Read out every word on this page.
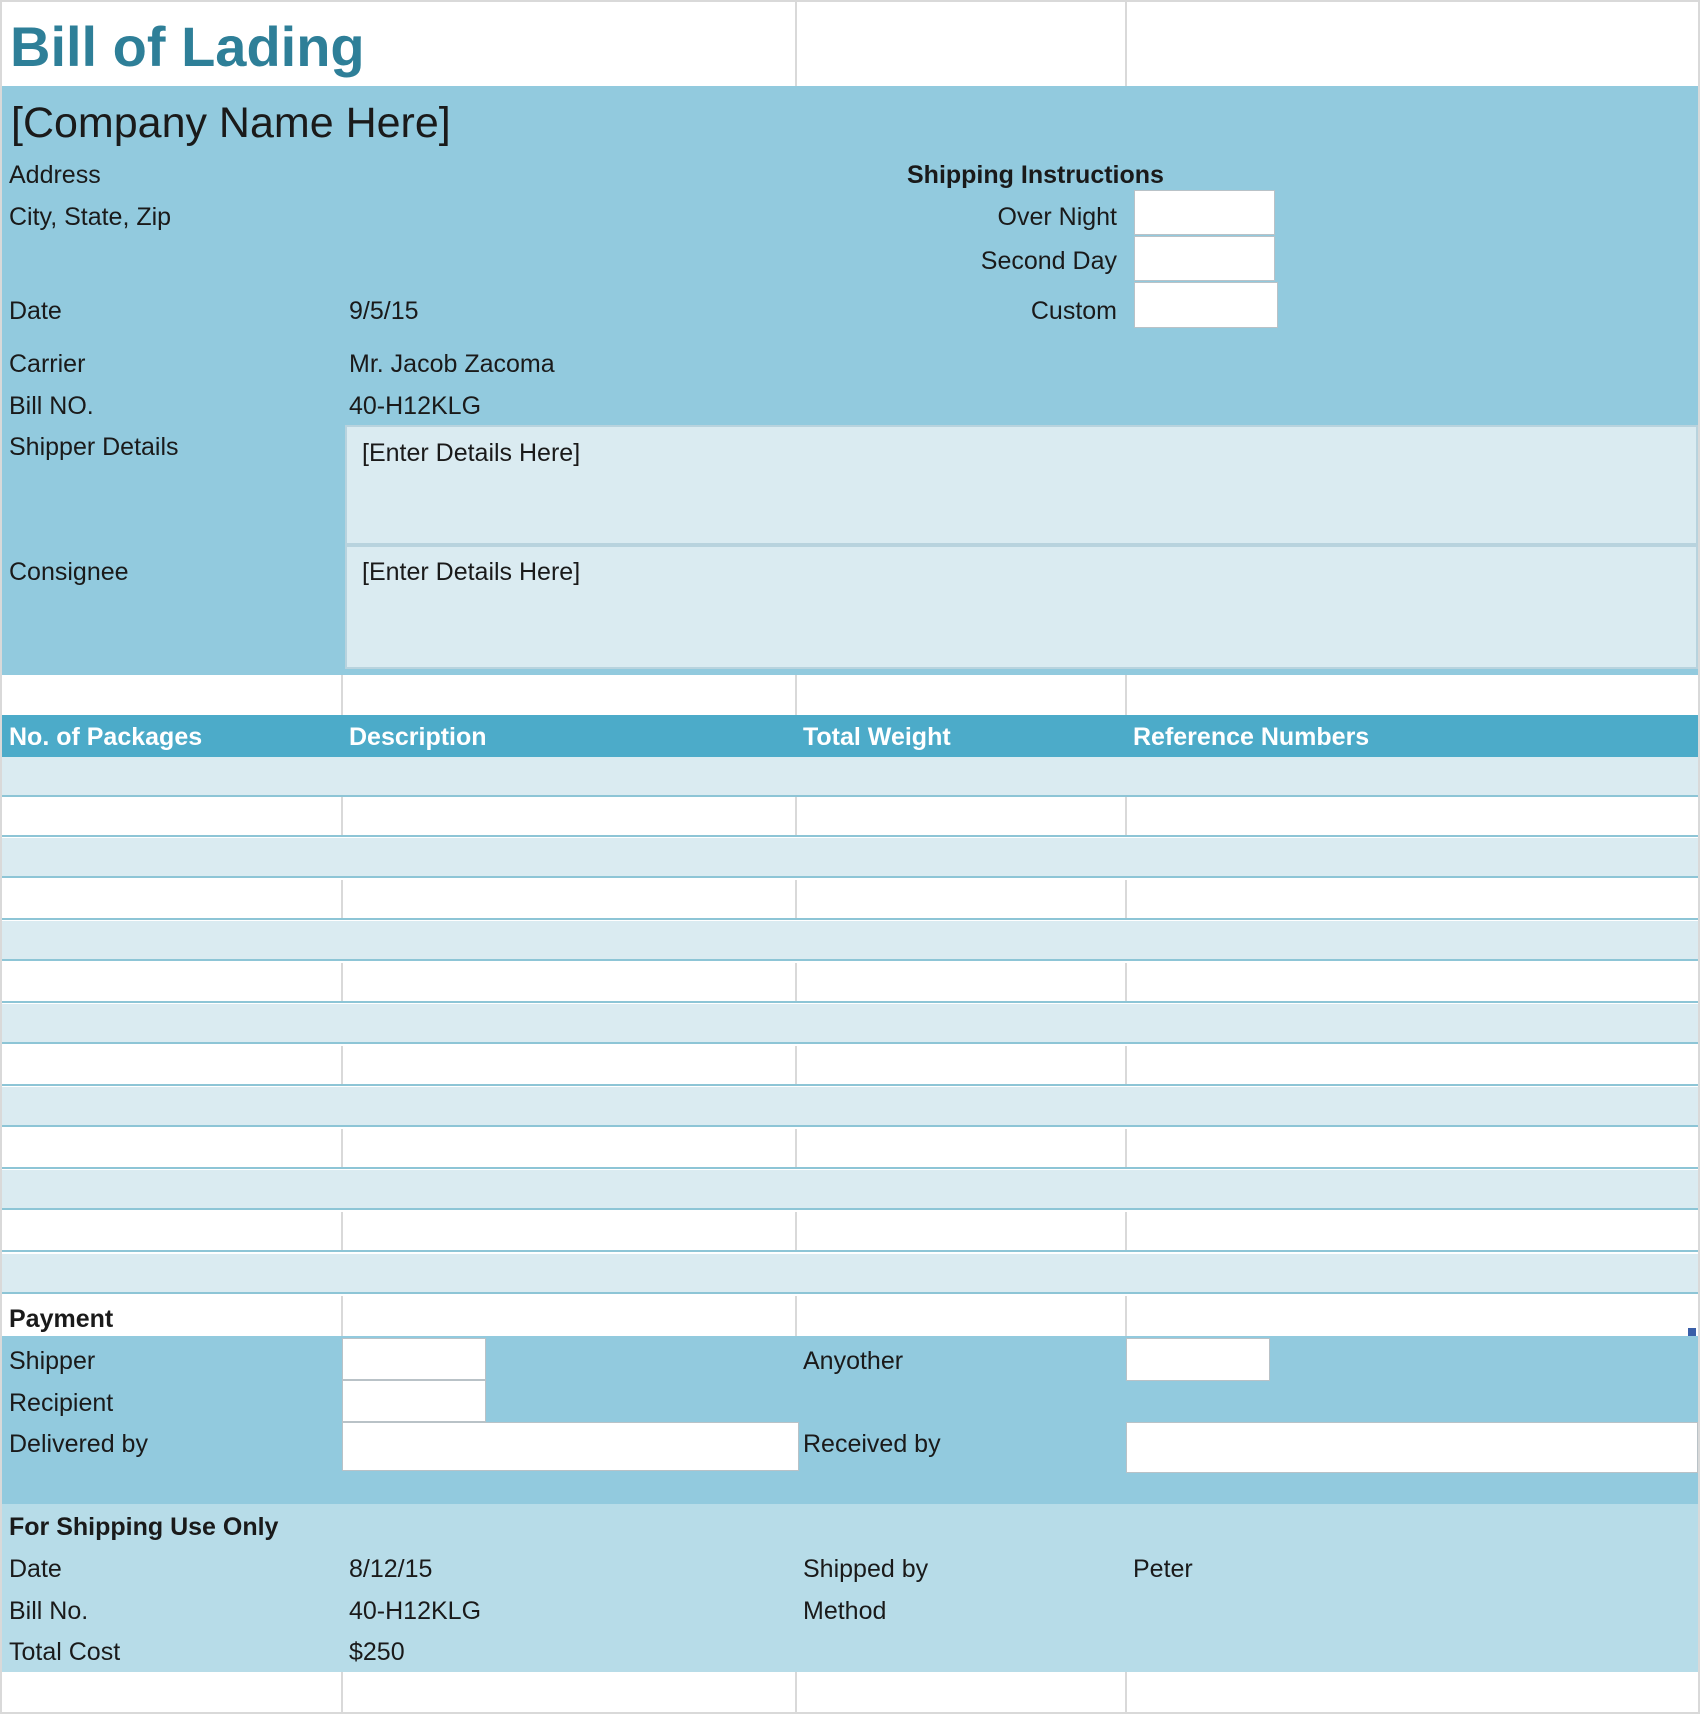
Bill of Lading
[Company Name Here]
Address
City, State, Zip
Shipping Instructions
Over Night
Second Day
Custom
Date	9/5/15
Carrier	Mr. Jacob Zacoma
Bill NO.	40-H12KLG
Shipper Details	[Enter Details Here]
Consignee	[Enter Details Here]
No. of Packages	Description	Total Weight	Reference Numbers
Payment
Shipper
Recipient
Delivered by
Anyother
Received by
For Shipping Use Only
Date	8/12/15
Bill No.	40-H12KLG
Total Cost	$250
Shipped by	Peter
Method
